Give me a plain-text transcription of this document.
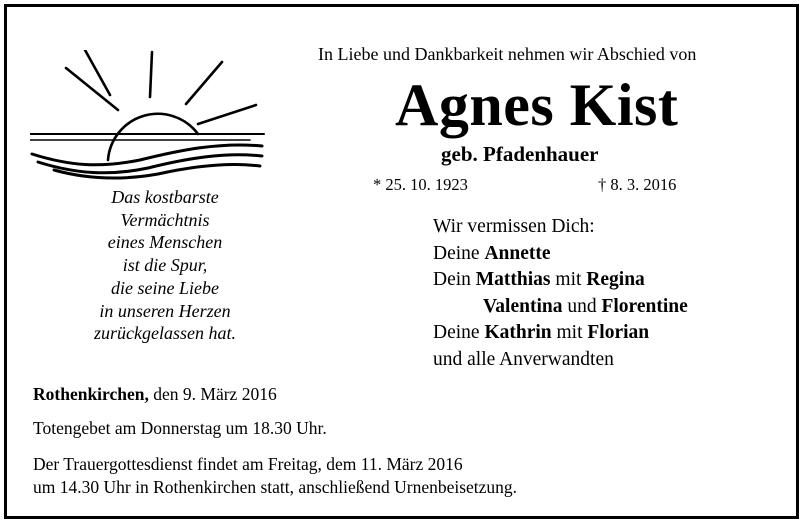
Das kostbarste
Vermächtnis
eines Menschen
ist die Spur,
die seine Liebe
in unseren Herzen
zurückgelassen hat.
In Liebe und Dankbarkeit nehmen wir Abschied von
Agnes Kist
geb. Pfadenhauer
* 25. 10. 1923	† 8. 3. 2016
Wir vermissen Dich:
Deine Annette
Dein Matthias mit Regina
Valentina und Florentine
Deine Kathrin mit Florian
und alle Anverwandten
Rothenkirchen, den 9. März 2016
Totengebet am Donnerstag um 18.30 Uhr.
Der Trauergottesdienst findet am Freitag, dem 11. März 2016
um 14.30 Uhr in Rothenkirchen statt, anschließend Urnenbeisetzung.
